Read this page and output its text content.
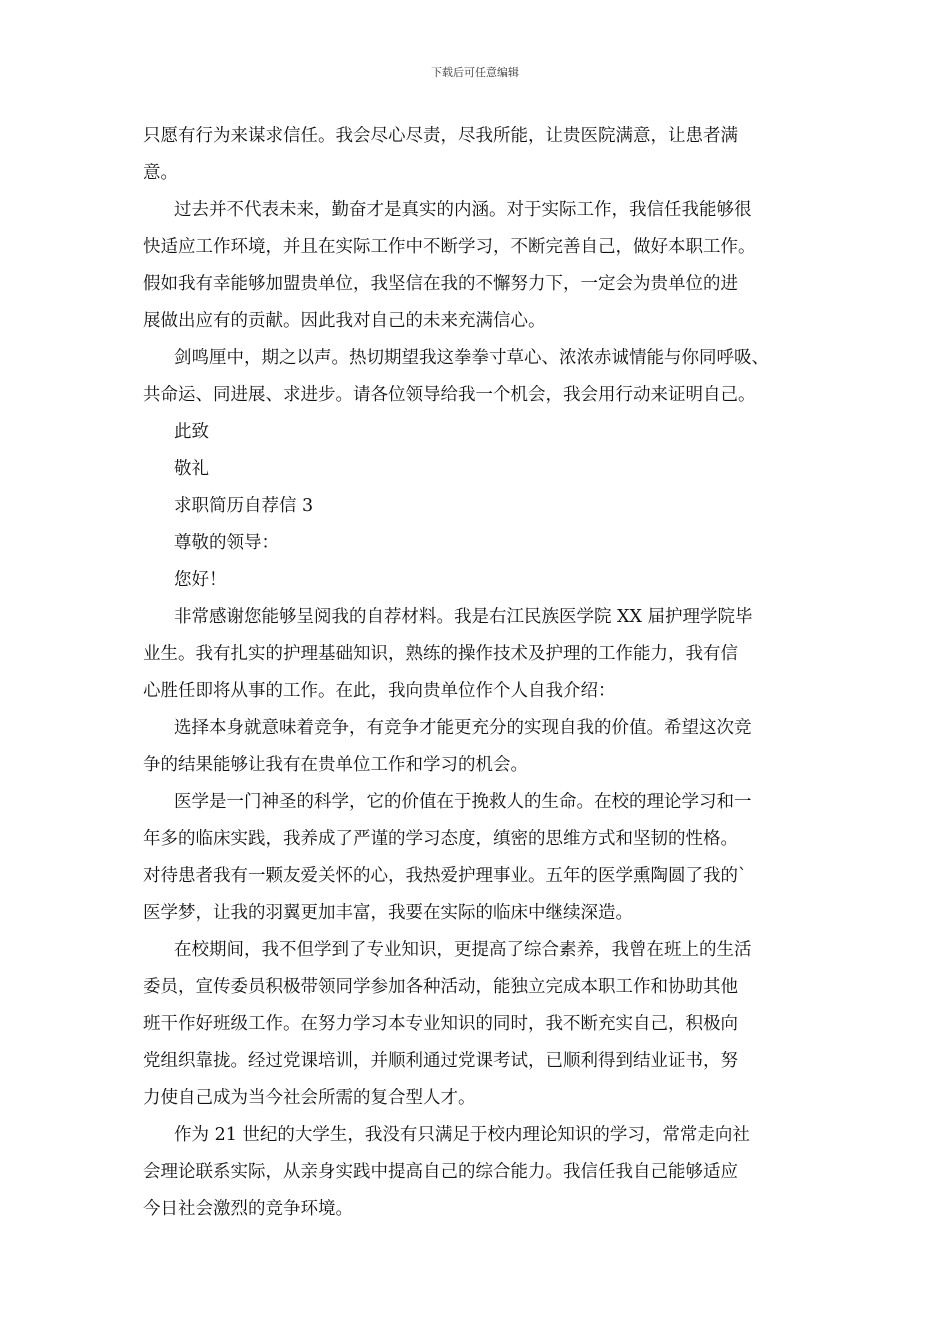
下载后可任意编辑
只愿有行为来谋求信任。我会尽心尽责，尽我所能，让贵医院满意，让患者满
意。
过去并不代表未来，勤奋才是真实的内涵。对于实际工作，我信任我能够很
快适应工作环境，并且在实际工作中不断学习，不断完善自己，做好本职工作。
假如我有幸能够加盟贵单位，我坚信在我的不懈努力下，一定会为贵单位的进
展做出应有的贡献。因此我对自己的未来充满信心。
剑鸣厘中，期之以声。热切期望我这拳拳寸草心、浓浓赤诚情能与你同呼吸、
共命运、同进展、求进步。请各位领导给我一个机会，我会用行动来证明自己。
此致
敬礼
求职简历自荐信 3
尊敬的领导：
您好！
非常感谢您能够呈阅我的自荐材料。我是右江民族医学院 XX 届护理学院毕
业生。我有扎实的护理基础知识，熟练的操作技术及护理的工作能力，我有信
心胜任即将从事的工作。在此，我向贵单位作个人自我介绍：
选择本身就意味着竞争，有竞争才能更充分的实现自我的价值。希望这次竞
争的结果能够让我有在贵单位工作和学习的机会。
医学是一门神圣的科学，它的价值在于挽救人的生命。在校的理论学习和一
年多的临床实践，我养成了严谨的学习态度，缜密的思维方式和坚韧的性格。
对待患者我有一颗友爱关怀的心，我热爱护理事业。五年的医学熏陶圆了我的`
医学梦，让我的羽翼更加丰富，我要在实际的临床中继续深造。
在校期间，我不但学到了专业知识，更提高了综合素养，我曾在班上的生活
委员，宣传委员积极带领同学参加各种活动，能独立完成本职工作和协助其他
班干作好班级工作。在努力学习本专业知识的同时，我不断充实自己，积极向
党组织靠拢。经过党课培训，并顺利通过党课考试，已顺利得到结业证书，努
力使自己成为当今社会所需的复合型人才。
作为 21 世纪的大学生，我没有只满足于校内理论知识的学习，常常走向社
会理论联系实际，从亲身实践中提高自己的综合能力。我信任我自己能够适应
今日社会激烈的竞争环境。
